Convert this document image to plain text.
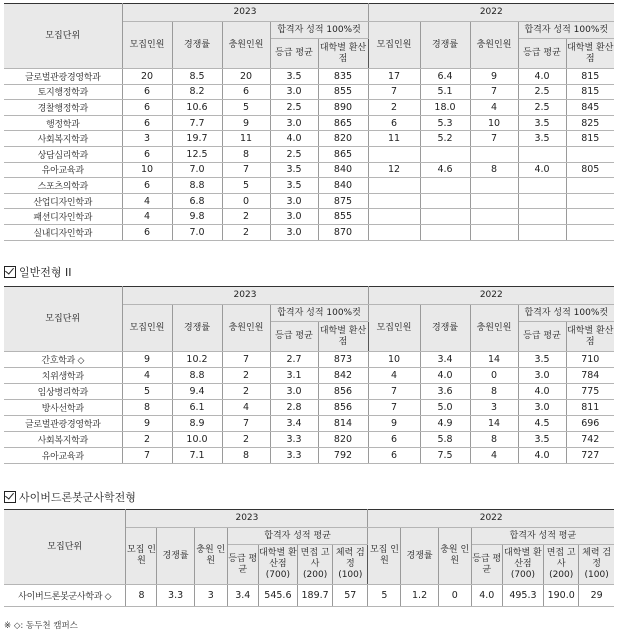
모집단위	2023					2022				
	모집인원	경쟁률	충원인원	합격자 성적 100%컷		모집인원	경쟁률	충원인원	합격자 성적 100%컷	
				등급 평균	대학별 환산점				등급 평균	대학별 환산점
글로벌관광경영학과	20	8.5	20	3.5	835	17	6.4	9	4.0	815
토지행정학과	6	8.2	6	3.0	855	7	5.1	7	2.5	815
경찰행정학과	6	10.6	5	2.5	890	2	18.0	4	2.5	845
행정학과	6	7.7	9	3.0	865	6	5.3	10	3.5	825
사회복지학과	3	19.7	11	4.0	820	11	5.2	7	3.5	815
상담심리학과	6	12.5	8	2.5	865					
유아교육과	10	7.0	7	3.5	840	12	4.6	8	4.0	805
스포츠의학과	6	8.8	5	3.5	840					
산업디자인학과	4	6.8	0	3.0	875					
패션디자인학과	4	9.8	2	3.0	855					
실내디자인학과	6	7.0	2	3.0	870					
일반전형 II
모집단위	2023					2022				
	모집인원	경쟁률	충원인원	합격자 성적 100%컷		모집인원	경쟁률	충원인원	합격자 성적 100%컷	
				등급 평균	대학별 환산점				등급 평균	대학별 환산점
간호학과 ◇	9	10.2	7	2.7	873	10	3.4	14	3.5	710
치위생학과	4	8.8	2	3.1	842	4	4.0	0	3.0	784
임상병리학과	5	9.4	2	3.0	856	7	3.6	8	4.0	775
방사선학과	8	6.1	4	2.8	856	7	5.0	3	3.0	811
글로벌관광경영학과	9	8.9	7	3.4	814	9	4.9	14	4.5	696
사회복지학과	2	10.0	2	3.3	820	6	5.8	8	3.5	742
유아교육과	7	7.1	8	3.3	792	6	7.5	4	4.0	727
사이버드론봇군사학전형
모집단위	2023							2022						
	모집 인원	경쟁률	충원 인원	합격자 성적 평균				모집 인원	경쟁률	충원 인원	합격자 성적 평균			
				등급 평균	대학별 환산점 (700)	면접 고사 (200)	체력 검정 (100)				등급 평균	대학별 환산점 (700)	면접 고사 (200)	체력 검정 (100)
사이버드론봇군사학과 ◇	8	3.3	3	3.4	545.6	189.7	57	5	1.2	0	4.0	495.3	190.0	29
※ ◇: 동두천 캠퍼스
